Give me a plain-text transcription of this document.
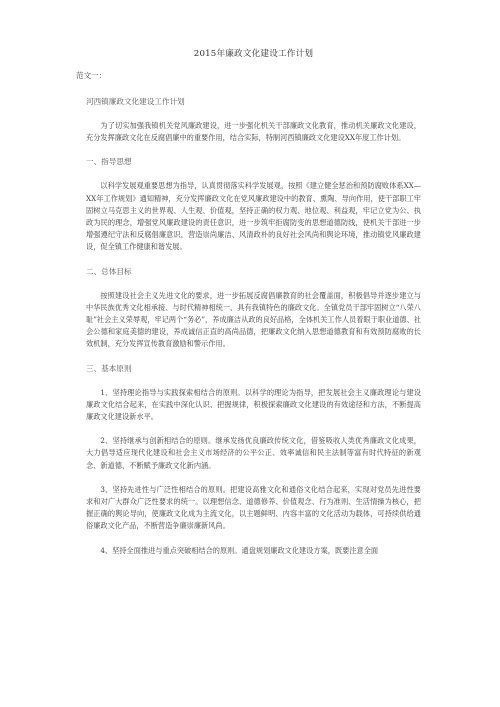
2015年廉政文化建设工作计划
范文一：
河西镇廉政文化建设工作计划

为了切实加强我镇机关党风廉政建设，进一步强化机关干部廉政文化教育，推动机关廉政文化建设，充分发挥廉政文化在反腐倡廉中的重要作用，结合实际，特制河西镇廉政文化建设XX年度工作计划。

一、指导思想

以科学发展观重要思想为指导，认真贯彻落实科学发展观，按照《建立健全惩治和预防腐败体系XX—XX年工作规划》通知精神，充分发挥廉政文化在党风廉政建设中的教育、熏陶、导向作用，使干部职工牢固树立马克思主义的世界观、人生观、价值观，坚持正确的权力观、地位观、利益观，牢记立党为公、执政为民的理念，增强党风廉政建设的责任意识，进一步筑牢拒腐防变的思想道德防线，使机关干部进一步增强遵纪守法和反腐倡廉意识，营造崇尚廉洁、风清政朴的良好社会风尚和舆论环境，推动镇党风廉政建设，促全镇工作健康和谐发展。

二、总体目标

按照建设社会主义先进文化的要求，进一步拓展反腐倡廉教育的社会覆盖面，积极倡导并逐步建立与中华民族优秀文化相承接、与时代精神相统一、具有我镇特色的廉政文化。全镇党员干部牢固树立“八荣八耻”社会主义荣辱观，牢记两个“务必”，养成廉洁从政的良好品格，全体机关工作人员着眼于职业道德、社会公德和家庭美德的建设，养成诚信正直的高尚品德，把廉政文化纳入思想道德教育和有效预防腐败的长效机制，充分发挥宣传教育激励和警示作用。

三、基本原则

1、坚持理论指导与实践探索相结合的原则。以科学的理论为指导，把发展社会主义廉政理论与建设廉政文化结合起来，在实践中深化认识、把握规律，积极探索廉政文化建设的有效途径和方法，不断提高廉政文化建设新水平。

2、坚持继承与创新相结合的原则。继承发扬优良廉政传统文化，借鉴吸收人类优秀廉政文化成果，大力倡导适应现代化建设和社会主义市场经济的公平公正、效率诚信和民主法制等富有时代特征的新观念、新道德，不断赋予廉政文化新内涵。

3、坚持先进性与广泛性相结合的原则。把建设高雅文化和通俗文化结合起来，实现对党员先进性要求和对广大群众广泛性要求的统一。以理想信念、道德修养、价值观念、行为准则、生活情操为核心，把握正确的舆论导向，使廉政文化成为主流文化，以主题鲜明、内容丰富的文化活动为载体，可持续供给通俗廉政文化产品，不断营造争廉崇廉新风尚。

4、坚持全面推进与重点突破相结合的原则。通盘规划廉政文化建设方案，既要注意全面
